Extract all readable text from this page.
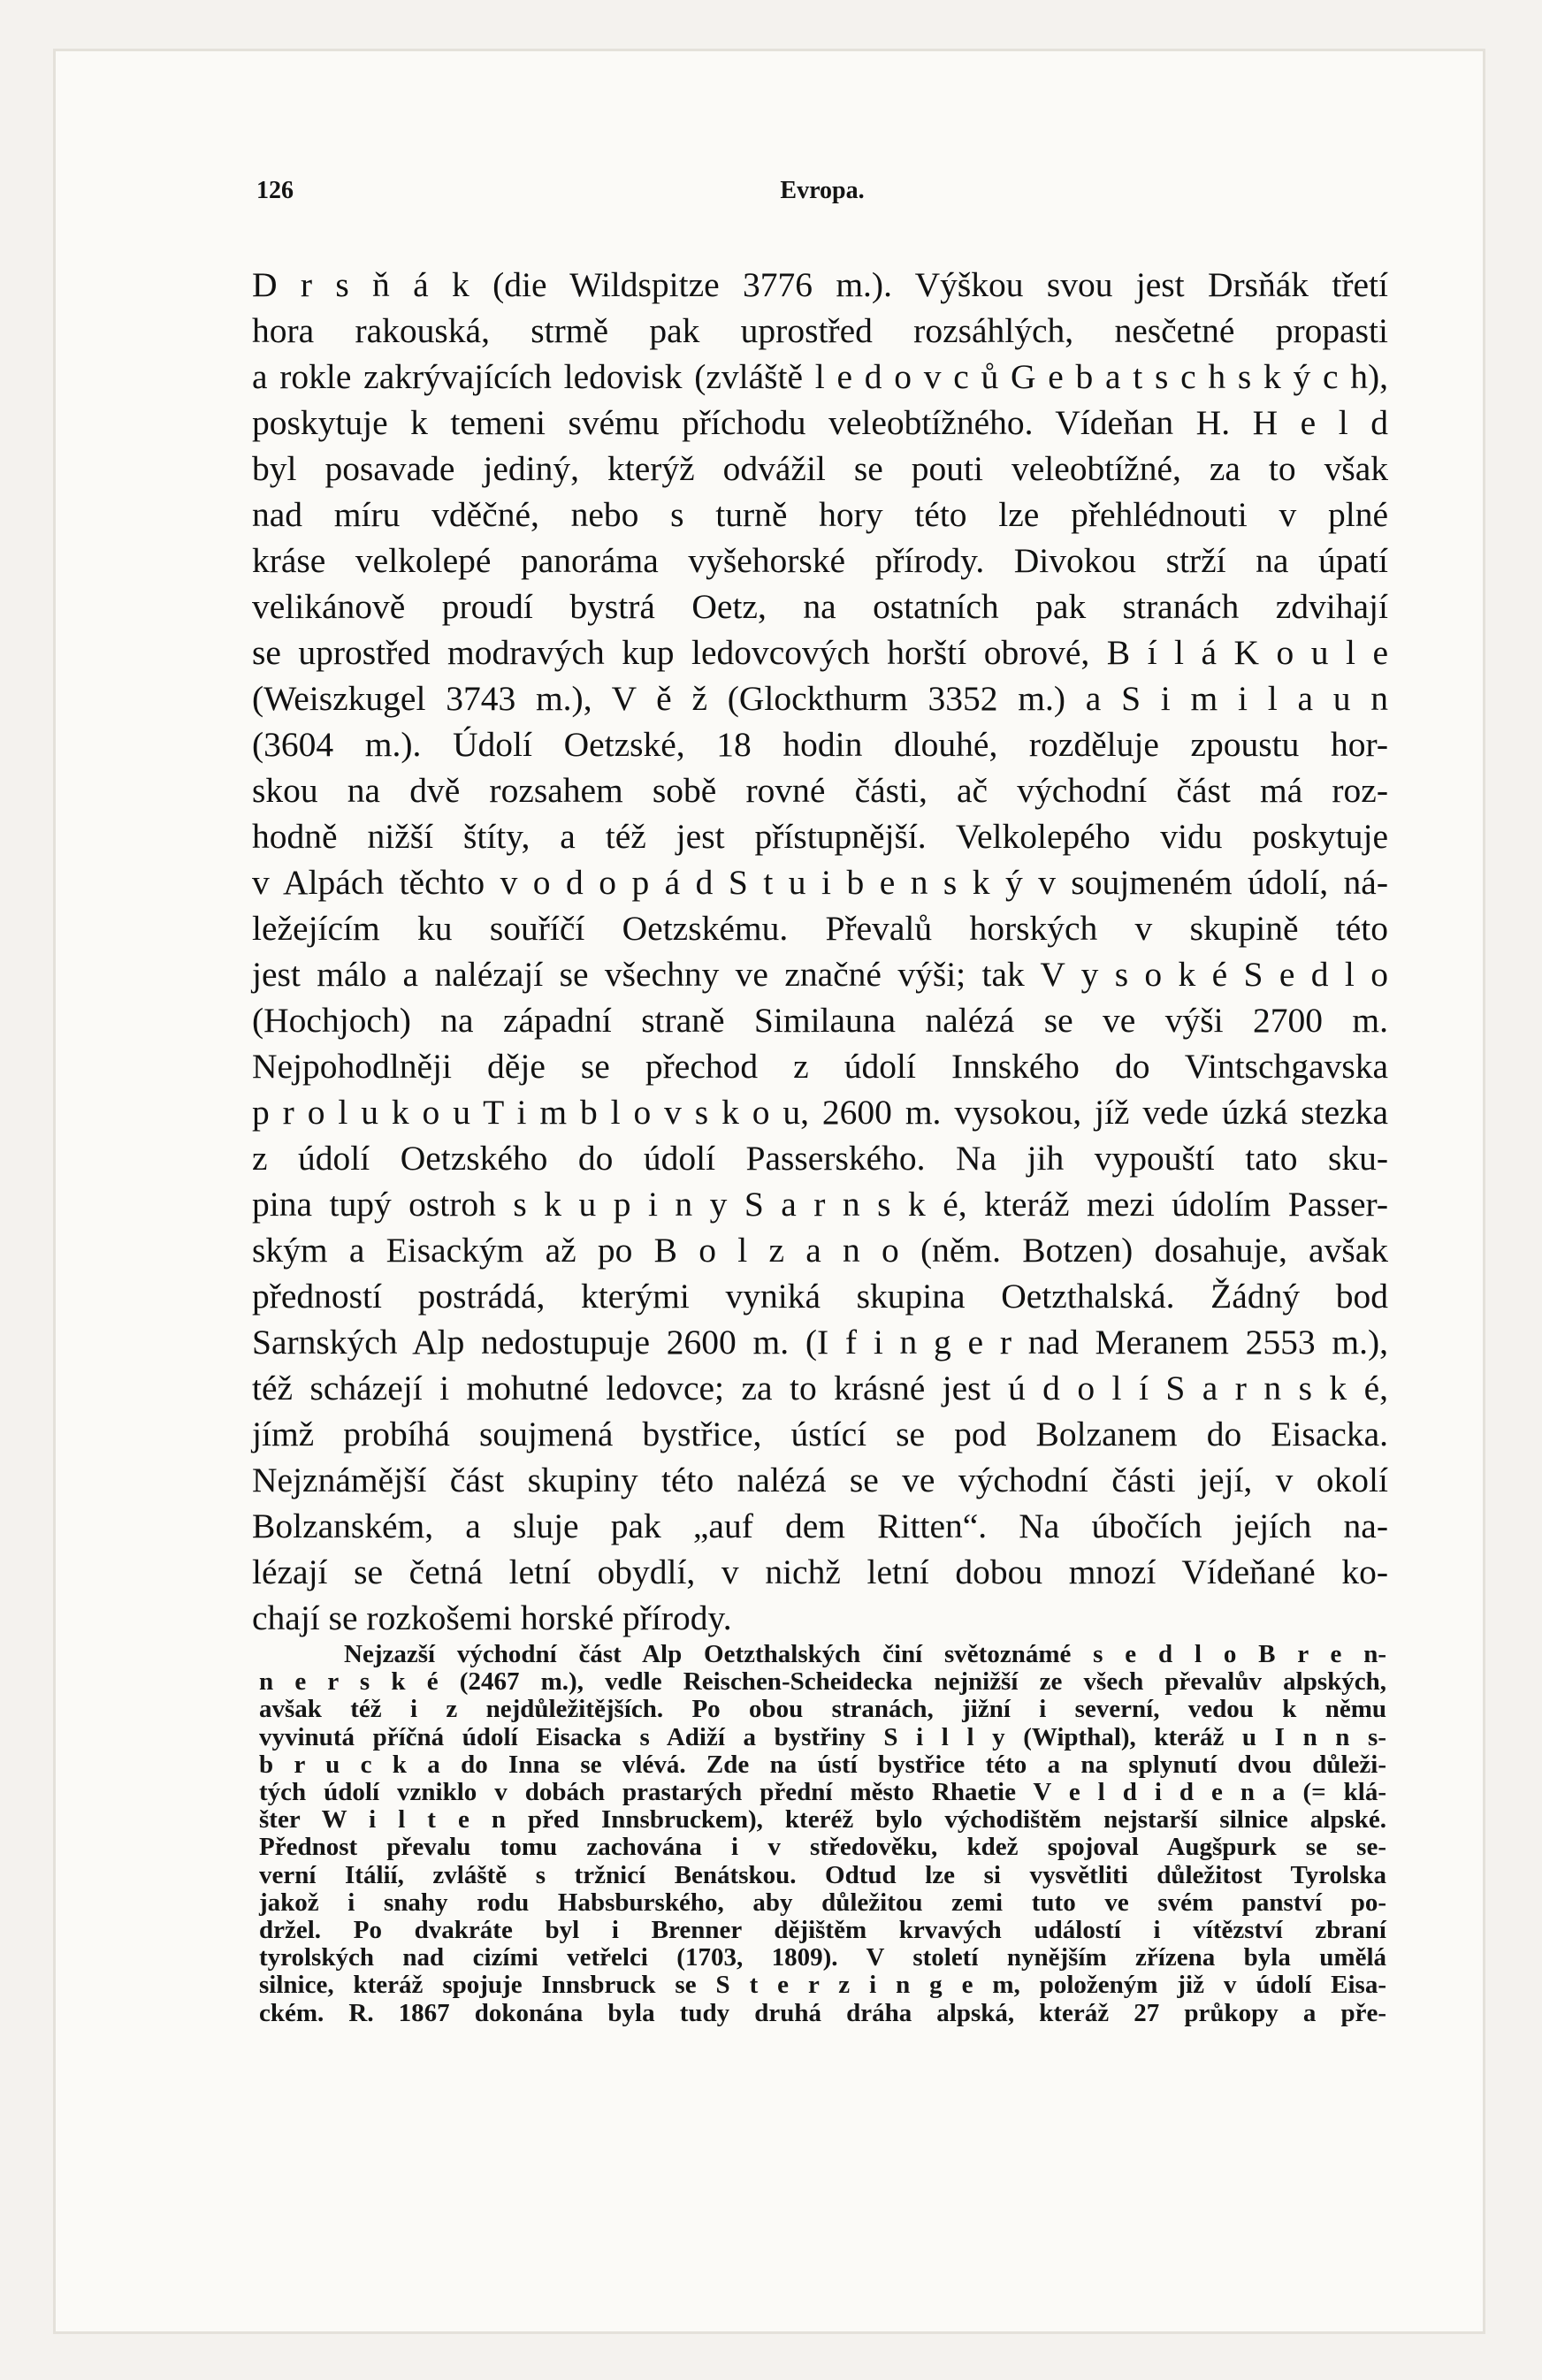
126	Evropa.
D r s ň á k (die Wildspitze 3776 m.). Výškou svou jest Drsňák třetí
hora rakouská, strmě pak uprostřed rozsáhlých, nesčetné propasti
a rokle zakrývajících ledovisk (zvláště l e d o v c ů G e b a t s c h s k ý c h),
poskytuje k temeni svému příchodu veleobtížného. Vídeňan H. H e l d
byl posavade jediný, kterýž odvážil se pouti veleobtížné, za to však
nad míru vděčné, nebo s turně hory této lze přehlédnouti v plné
kráse velkolepé panoráma vyšehorské přírody. Divokou strží na úpatí
velikánově proudí bystrá Oetz, na ostatních pak stranách zdvihají
se uprostřed modravých kup ledovcových horští obrové, B í l á K o u l e
(Weiszkugel 3743 m.), V ě ž (Glockthurm 3352 m.) a S i m i l a u n
(3604 m.). Údolí Oetzské, 18 hodin dlouhé, rozděluje zpoustu hor-
skou na dvě rozsahem sobě rovné části, ač východní část má roz-
hodně nižší štíty, a též jest přístupnější. Velkolepého vidu poskytuje
v Alpách těchto v o d o p á d S t u i b e n s k ý v soujmeném údolí, ná-
ležejícím ku souříčí Oetzskému. Převalů horských v skupině této
jest málo a nalézají se všechny ve značné výši; tak V y s o k é S e d l o
(Hochjoch) na západní straně Similauna nalézá se ve výši 2700 m.
Nejpohodlněji děje se přechod z údolí Innského do Vintschgavska
p r o l u k o u T i m b l o v s k o u, 2600 m. vysokou, jíž vede úzká stezka
z údolí Oetzského do údolí Passerského. Na jih vypouští tato sku-
pina tupý ostroh s k u p i n y S a r n s k é, kteráž mezi údolím Passer-
ským a Eisackým až po B o l z a n o (něm. Botzen) dosahuje, avšak
předností postrádá, kterými vyniká skupina Oetzthalská. Žádný bod
Sarnských Alp nedostupuje 2600 m. (I f i n g e r nad Meranem 2553 m.),
též scházejí i mohutné ledovce; za to krásné jest ú d o l í S a r n s k é,
jímž probíhá soujmená bystřice, ústící se pod Bolzanem do Eisacka.
Nejznámější část skupiny této nalézá se ve východní části její, v okolí
Bolzanském, a sluje pak „auf dem Ritten“. Na úbočích jejích na-
lézají se četná letní obydlí, v nichž letní dobou mnozí Vídeňané ko-
chají se rozkošemi horské přírody.
Nejzazší východní část Alp Oetzthalských činí světoznámé s e d l o B r e n-
n e r s k é (2467 m.), vedle Reischen-Scheidecka nejnižší ze všech převalův alpských,
avšak též i z nejdůležitějších. Po obou stranách, jižní i severní, vedou k němu
vyvinutá příčná údolí Eisacka s Adiží a bystřiny S i l l y (Wipthal), kteráž u I n n s-
b r u c k a do Inna se vlévá. Zde na ústí bystřice této a na splynutí dvou důleži-
tých údolí vzniklo v dobách prastarých přední město Rhaetie V e l d i d e n a (= klá-
šter W i l t e n před Innsbruckem), kteréž bylo východištěm nejstarší silnice alpské.
Přednost převalu tomu zachována i v středověku, kdež spojoval Augšpurk se se-
verní Itálií, zvláště s tržnicí Benátskou. Odtud lze si vysvětliti důležitost Tyrolska
jakož i snahy rodu Habsburského, aby důležitou zemi tuto ve svém panství po-
držel. Po dvakráte byl i Brenner dějištěm krvavých událostí i vítězství zbraní
tyrolských nad cizími vetřelci (1703, 1809). V století nynějším zřízena byla umělá
silnice, kteráž spojuje Innsbruck se S t e r z i n g e m, položeným již v údolí Eisa-
ckém. R. 1867 dokonána byla tudy druhá dráha alpská, kteráž 27 průkopy a pře-
